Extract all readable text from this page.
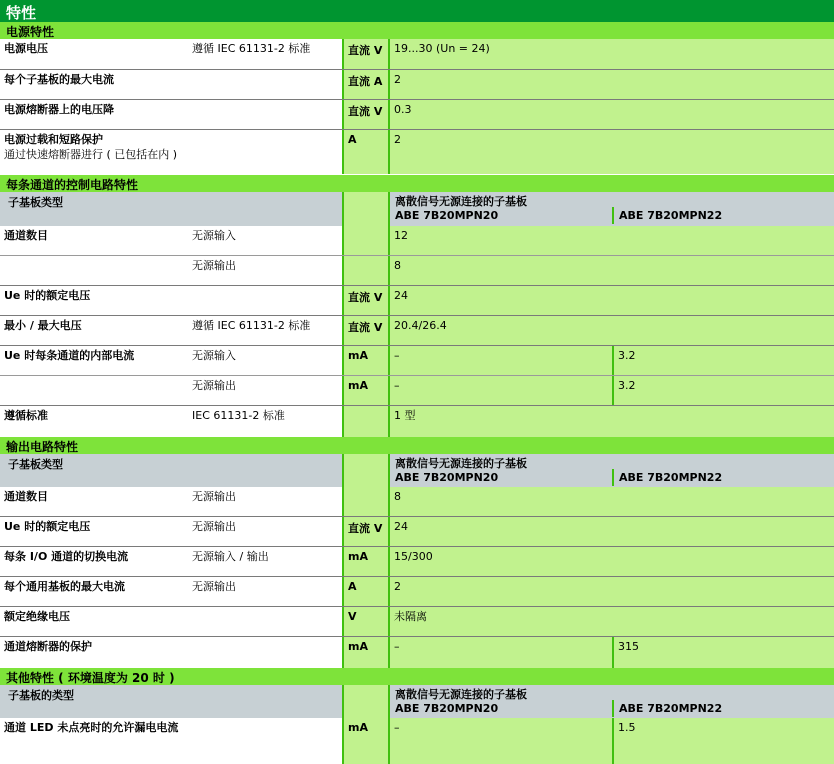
特性
电源特性
电源电压	遵循 IEC 61131-2 标准	直流 V	19...30 (Un = 24)
每个子基板的最大电流	直流 A	2
电源熔断器上的电压降	直流 V	0.3
电源过载和短路保护
通过快速熔断器进行 ( 已包括在内 )
A	2
每条通道的控制电路特性
子基板类型	离散信号无源连接的子基板
ABE 7B20MPN20	ABE 7B20MPN22
通道数目	无源输入	12
无源输出	8
Ue 时的额定电压	直流 V	24
最小 / 最大电压	遵循 IEC 61131-2 标准	直流 V	20.4/26.4
Ue 时每条通道的内部电流	无源输入	mA	–	3.2
无源输出	mA	–	3.2
遵循标准	IEC 61131-2 标准	1 型
输出电路特性
子基板类型	离散信号无源连接的子基板
ABE 7B20MPN20	ABE 7B20MPN22
通道数目	无源输出	8
Ue 时的额定电压	无源输出	直流 V	24
每条 I/O 通道的切换电流	无源输入 / 输出	mA	15/300
每个通用基板的最大电流	无源输出	A	2
额定绝缘电压	V	未隔离
通道熔断器的保护	mA	–	315
其他特性 ( 环境温度为 20 时 )
子基板的类型	离散信号无源连接的子基板
ABE 7B20MPN20	ABE 7B20MPN22
通道 LED 未点亮时的允许漏电电流	mA	–	1.5
